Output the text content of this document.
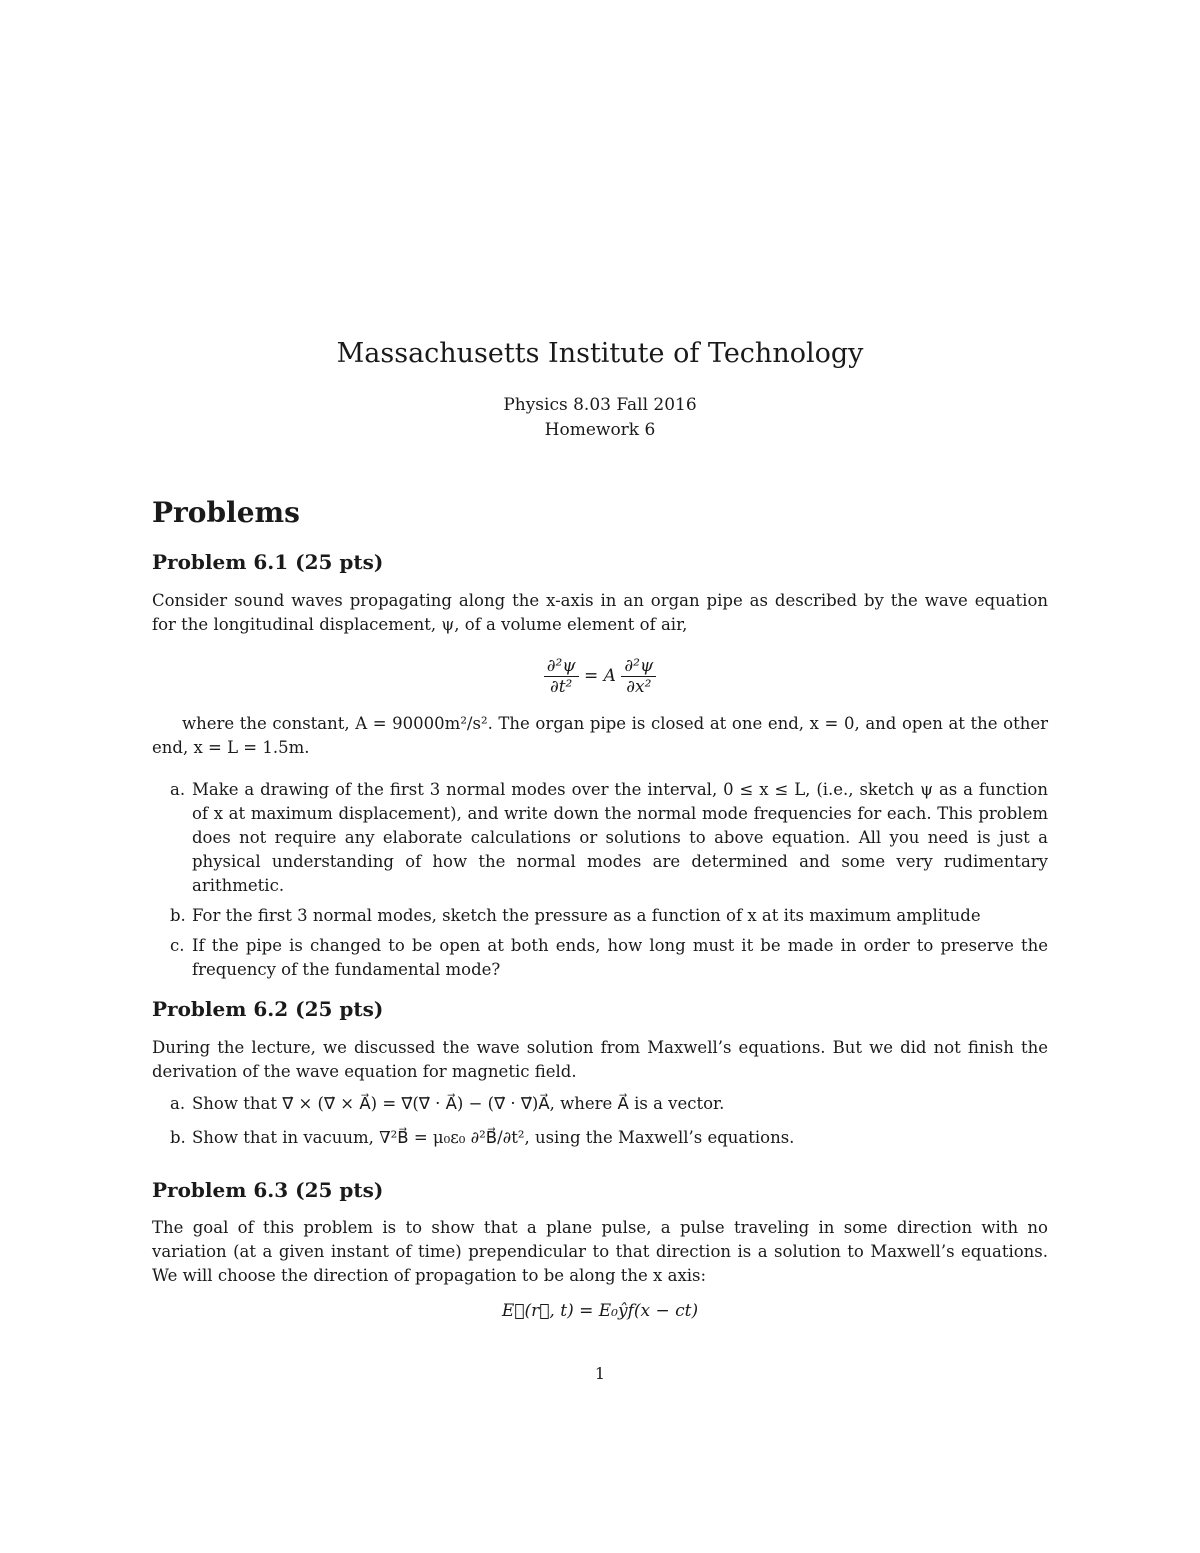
Massachusetts Institute of Technology
Physics 8.03 Fall 2016
Homework 6
Problems
Problem 6.1 (25 pts)
Consider sound waves propagating along the x-axis in an organ pipe as described by the wave equation for the longitudinal displacement, ψ, of a volume element of air,
$\frac{\text{∂²ψ}}{\text{∂t²}} = A \frac{\text{∂²ψ}}{\text{∂x²}}$
where the constant, A = 90000m²/s². The organ pipe is closed at one end, x = 0, and open at the other end, x = L = 1.5m.
a. Make a drawing of the first 3 normal modes over the interval, 0 ≤ x ≤ L, (i.e., sketch ψ as a function of x at maximum displacement), and write down the normal mode frequencies for each. This problem does not require any elaborate calculations or solutions to above equation. All you need is just a physical understanding of how the normal modes are determined and some very rudimentary arithmetic.
b. For the first 3 normal modes, sketch the pressure as a function of x at its maximum amplitude
c. If the pipe is changed to be open at both ends, how long must it be made in order to preserve the frequency of the fundamental mode?
Problem 6.2 (25 pts)
During the lecture, we discussed the wave solution from Maxwell’s equations. But we did not finish the derivation of the wave equation for magnetic field.
a. Show that ∇⃗ × (∇⃗ × A⃗) = ∇⃗(∇⃗ · A⃗) − (∇⃗ · ∇⃗)A⃗, where A⃗ is a vector.
b. Show that in vacuum, ∇²B⃗ = μ₀ε₀ ∂²B⃗/∂t², using the Maxwell’s equations.
Problem 6.3 (25 pts)
The goal of this problem is to show that a plane pulse, a pulse traveling in some direction with no variation (at a given instant of time) prependicular to that direction is a solution to Maxwell’s equations. We will choose the direction of propagation to be along the x axis:
E⃗(r⃗, t) = E₀ŷf(x − ct)
1
